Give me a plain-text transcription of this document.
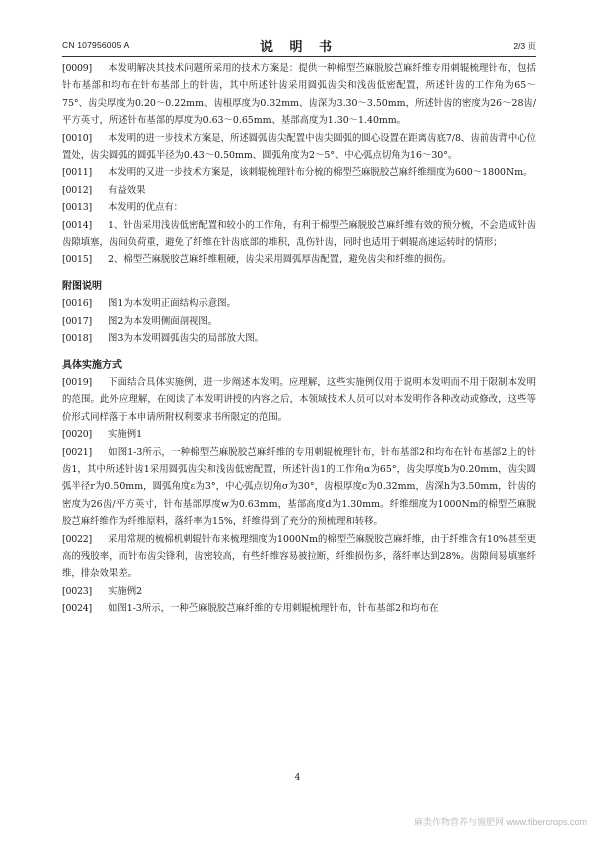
CN 107956005 A	说 明 书	2/3 页

[0009] 本发明解决其技术问题所采用的技术方案是：提供一种棉型苎麻脱胶芑麻纤维专用刺辊梳理针布，包括针布基部和均布在针布基部上的针齿，其中所述针齿采用圆弧齿尖和浅齿低密配置，所述针齿的工作角为65～75°、齿尖厚度为0.20～0.22mm、齿根厚度为0.32mm、齿深为3.30～3.50mm，所述针齿的密度为26～28齿/平方英寸，所述针布基部的厚度为0.63～0.65mm、基部高度为1.30～1.40mm。

[0010] 本发明的进一步技术方案是，所述圆弧齿尖配置中齿尖圆弧的圆心设置在距离齿底7/8、齿前齿背中心位置处，齿尖圆弧的圆弧半径为0.43～0.50mm、圆弧角度为2～5°、中心弧点切角为16～30°。

[0011] 本发明的又进一步技术方案是，该刺辊梳理针布分梳的棉型苎麻脱胶芑麻纤维细度为600～1800Nm。

[0012] 有益效果

[0013] 本发明的优点有：

[0014] 1、针齿采用浅齿低密配置和较小的工作角，有利于棉型苎麻脱胶芑麻纤维有效的预分梳，不会造成针齿齿隙填塞，齿间负荷重，避免了纤维在针齿底部的堆积，乱伤针齿，同时也适用于刺辊高速运转时的情形；

[0015] 2、棉型苎麻脱胶芑麻纤维粗硬，齿尖采用圆弧厚齿配置，避免齿尖和纤维的损伤。

附图说明

[0016] 图1为本发明正面结构示意图。

[0017] 图2为本发明侧面剖视图。

[0018] 图3为本发明圆弧齿尖的局部放大图。

具体实施方式

[0019] 下面结合具体实施例，进一步阐述本发明。应理解，这些实施例仅用于说明本发明而不用于限制本发明的范围。此外应理解，在阅读了本发明讲授的内容之后，本领域技术人员可以对本发明作各种改动或修改，这些等价形式同样落于本申请所附权利要求书所限定的范围。

[0020] 实施例1

[0021] 如图1-3所示，一种棉型苎麻脱胶芑麻纤维的专用刺辊梳理针布，针布基部2和均布在针布基部2上的针齿1，其中所述针齿1采用圆弧齿尖和浅齿低密配置，所述针齿1的工作角α为65°，齿尖厚度b为0.20mm，齿尖圆弧半径r为0.50mm，圆弧角度ε为3°，中心弧点切角σ为30°，齿根厚度c为0.32mm，齿深h为3.50mm，针齿的密度为26齿/平方英寸，针布基部厚度w为0.63mm，基部高度d为1.30mm。纤维细度为1000Nm的棉型苎麻脱胶芑麻纤维作为纤维原料，落纤率为15%，纤维得到了充分的预梳理和转移。

[0022] 采用常规的梳棉机刺辊针布来梳理细度为1000Nm的棉型苎麻脱胶芑麻纤维，由于纤维含有10%甚至更高的残胶率，而针布齿尖锋利，齿密较高，有些纤维容易被拉断，纤维损伤多，落纤率达到28%。齿隙间易填塞纤维，排杂效果差。

[0023] 实施例2

[0024] 如图1-3所示，一种苎麻脱胶芑麻纤维的专用刺辊梳理针布，针布基部2和均布在

4
麻类作物营养与施肥网 www.fibercrops.com
